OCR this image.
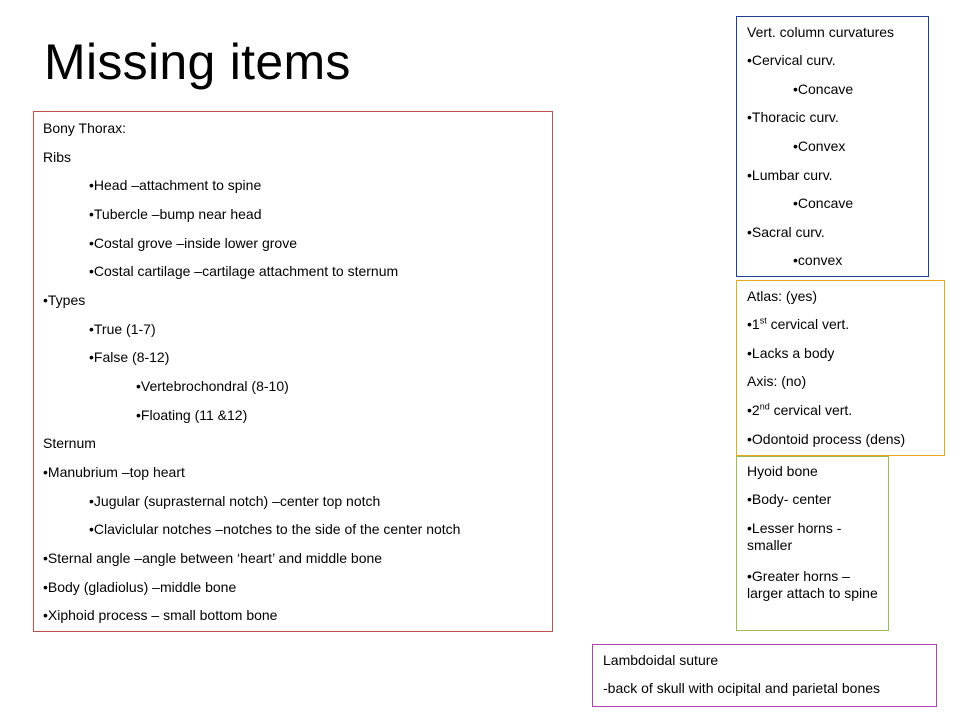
Missing items
Bony Thorax:
Ribs
•Head –attachment to spine
•Tubercle –bump near head
•Costal grove –inside lower grove
•Costal cartilage –cartilage attachment to sternum
•Types
•True (1-7)
•False (8-12)
•Vertebrochondral (8-10)
•Floating (11 &12)
Sternum
•Manubrium –top heart
•Jugular (suprasternal notch) –center top notch
•Claviclular notches –notches to the side of the center notch
•Sternal angle –angle between ‘heart’ and middle bone
•Body (gladiolus) –middle bone
•Xiphoid process – small bottom bone
Vert. column curvatures
•Cervical curv.
•Concave
•Thoracic curv.
•Convex
•Lumbar curv.
•Concave
•Sacral curv.
•convex
Atlas: (yes)
•1st cervical vert.
•Lacks a body
Axis: (no)
•2nd cervical vert.
•Odontoid process (dens)
Hyoid bone
•Body- center
•Lesser horns - smaller
•Greater horns – larger attach to spine
Lambdoidal suture
-back of skull with ocipital and parietal bones
